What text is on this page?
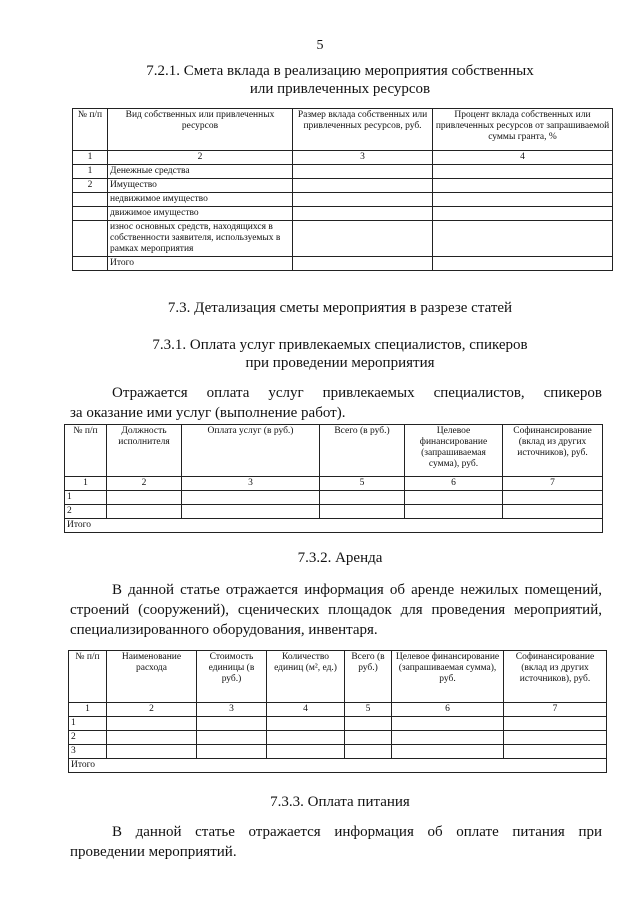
5
7.2.1. Смета вклада в реализацию мероприятия собственных
или привлеченных ресурсов
№ п/п	Вид собственных или привлеченных ресурсов	Размер вклада собственных или привлеченных ресурсов, руб.	Процент вклада собственных или привлеченных ресурсов от запрашиваемой суммы гранта, %
1	2	3	4
1	Денежные средства		
2	Имущество		
	недвижимое имущество		
	движимое имущество		
	износ основных средств, находящихся в собственности заявителя, используемых в рамках мероприятия		
	Итого		
7.3. Детализация сметы мероприятия в разрезе статей
7.3.1. Оплата услуг привлекаемых специалистов, спикеров
при проведении мероприятия
Отражается оплата услуг привлекаемых специалистов, спикеров
за оказание ими услуг (выполнение работ).
№ п/п	Должность исполнителя	Оплата услуг (в руб.)	Всего (в руб.)	Целевое финансирование (запрашиваемая сумма), руб.	Софинансирование (вклад из других источников), руб.
1	2	3	5	6	7
1					
2					
Итого					
7.3.2. Аренда
В данной статье отражается информация об аренде нежилых помещений,
строений (сооружений), сценических площадок для проведения мероприятий, специализированного оборудования, инвентаря.
№ п/п	Наименование расхода	Стоимость единицы (в руб.)	Количество единиц (м², ед.)	Всего (в руб.)	Целевое финансирование (запрашиваемая сумма), руб.	Софинансирование (вклад из других источников), руб.
1	2	3	4	5	6	7
1						
2						
3						
Итого						
7.3.3. Оплата питания
В данной статье отражается информация об оплате питания при
проведении мероприятий.
